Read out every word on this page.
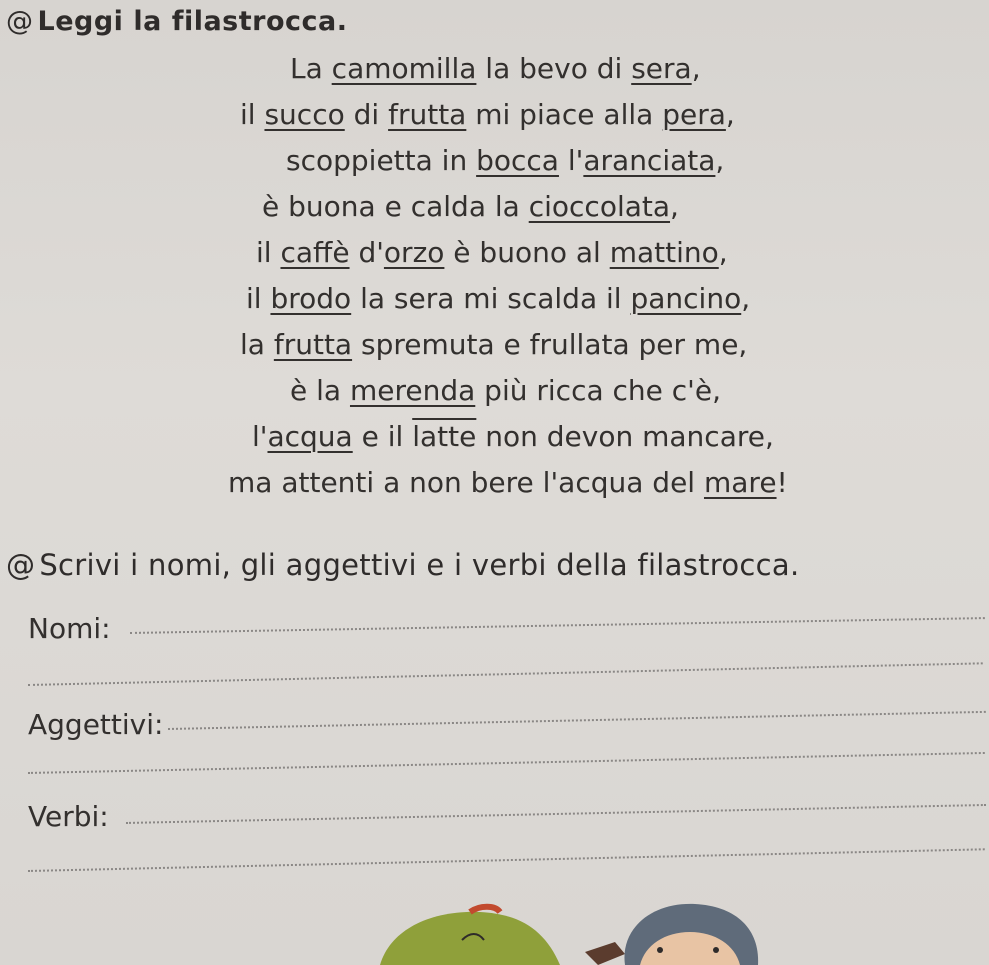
@ Leggi la filastrocca.
La camomilla la bevo di sera,
il succo di frutta mi piace alla pera,
scoppietta in bocca l'aranciata,
è buona e calda la cioccolata,
il caffè d'orzo è buono al mattino,
il brodo la sera mi scalda il pancino,
la frutta spremuta e frullata per me,
è la merenda più ricca che c'è,
l'acqua e il latte non devon mancare,
ma attenti a non bere l'acqua del mare!
@ Scrivi i nomi, gli aggettivi e i verbi della filastrocca.
Nomi:
Aggettivi:
Verbi:
